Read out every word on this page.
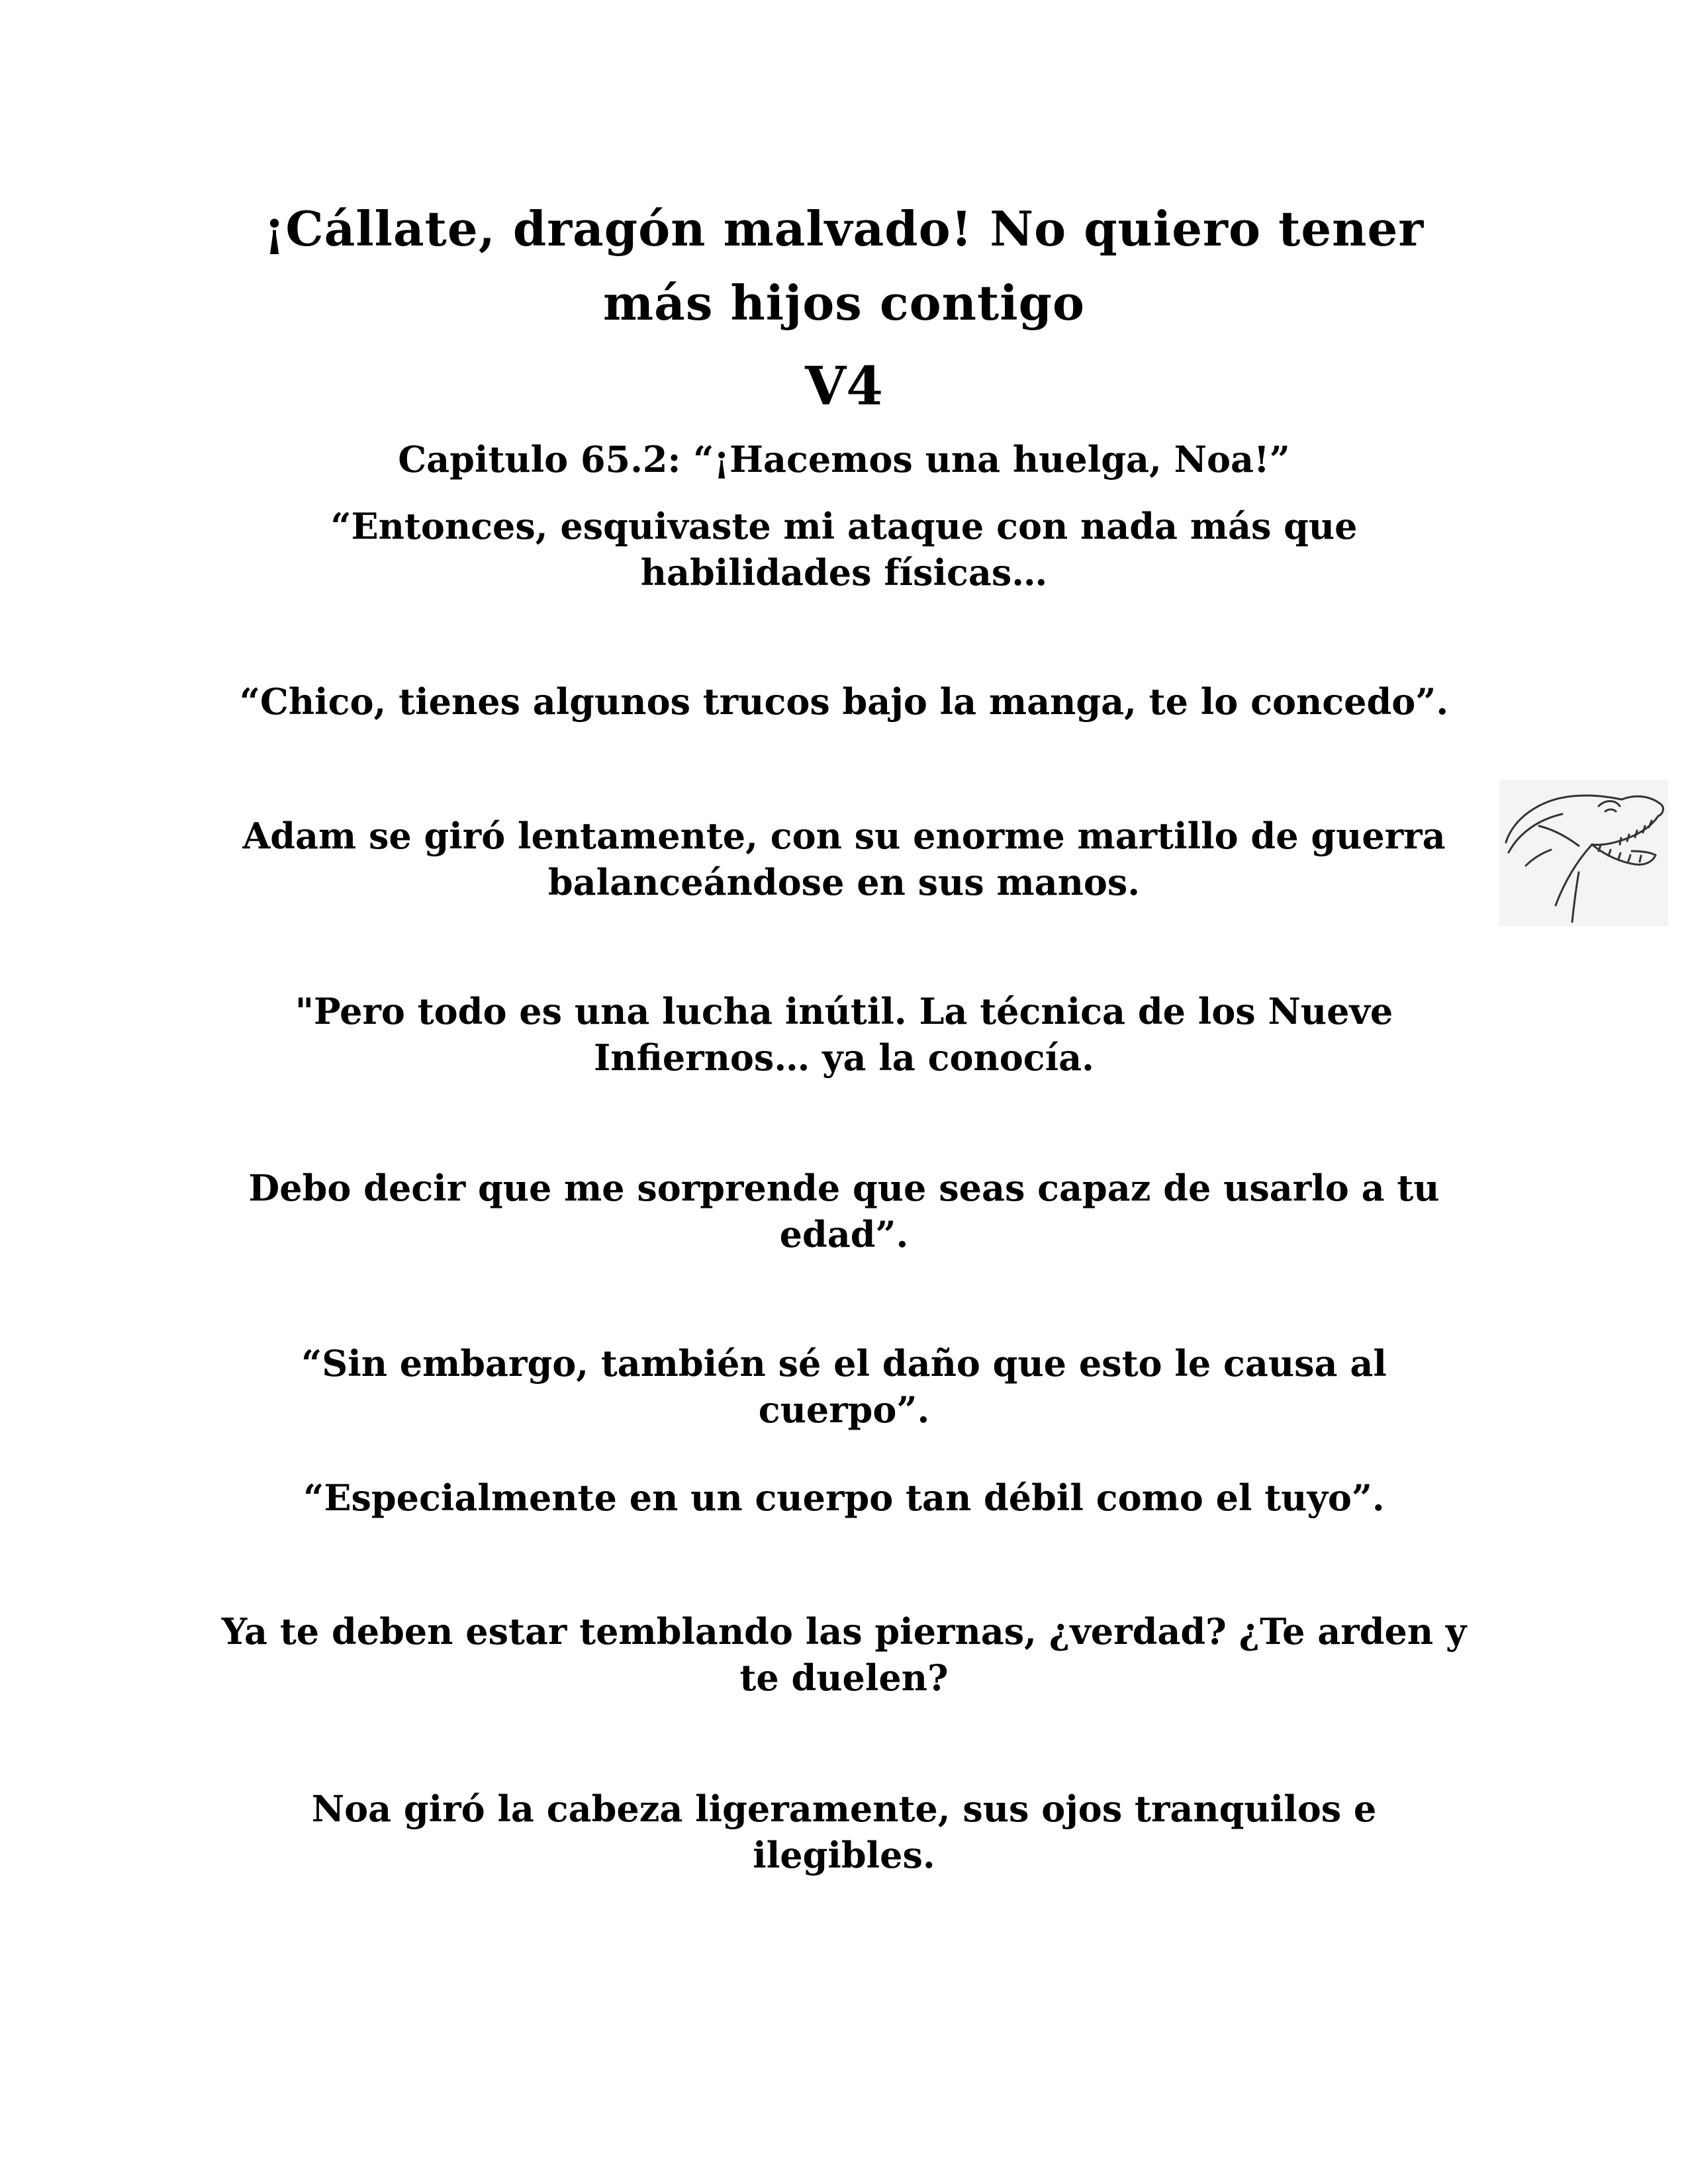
¡Cállate, dragón malvado! No quiero tener
más hijos contigo
V4
Capitulo 65.2: “¡Hacemos una huelga, Noa!”
“Entonces, esquivaste mi ataque con nada más que
habilidades físicas…
“Chico, tienes algunos trucos bajo la manga, te lo concedo”.
Adam se giró lentamente, con su enorme martillo de guerra
balanceándose en sus manos.
"Pero todo es una lucha inútil. La técnica de los Nueve
Infiernos… ya la conocía.
Debo decir que me sorprende que seas capaz de usarlo a tu
edad”.
“Sin embargo, también sé el daño que esto le causa al cuerpo”.
“Especialmente en un cuerpo tan débil como el tuyo”.
Ya te deben estar temblando las piernas, ¿verdad? ¿Te arden y
te duelen?
Noa giró la cabeza ligeramente, sus ojos tranquilos e ilegibles.
